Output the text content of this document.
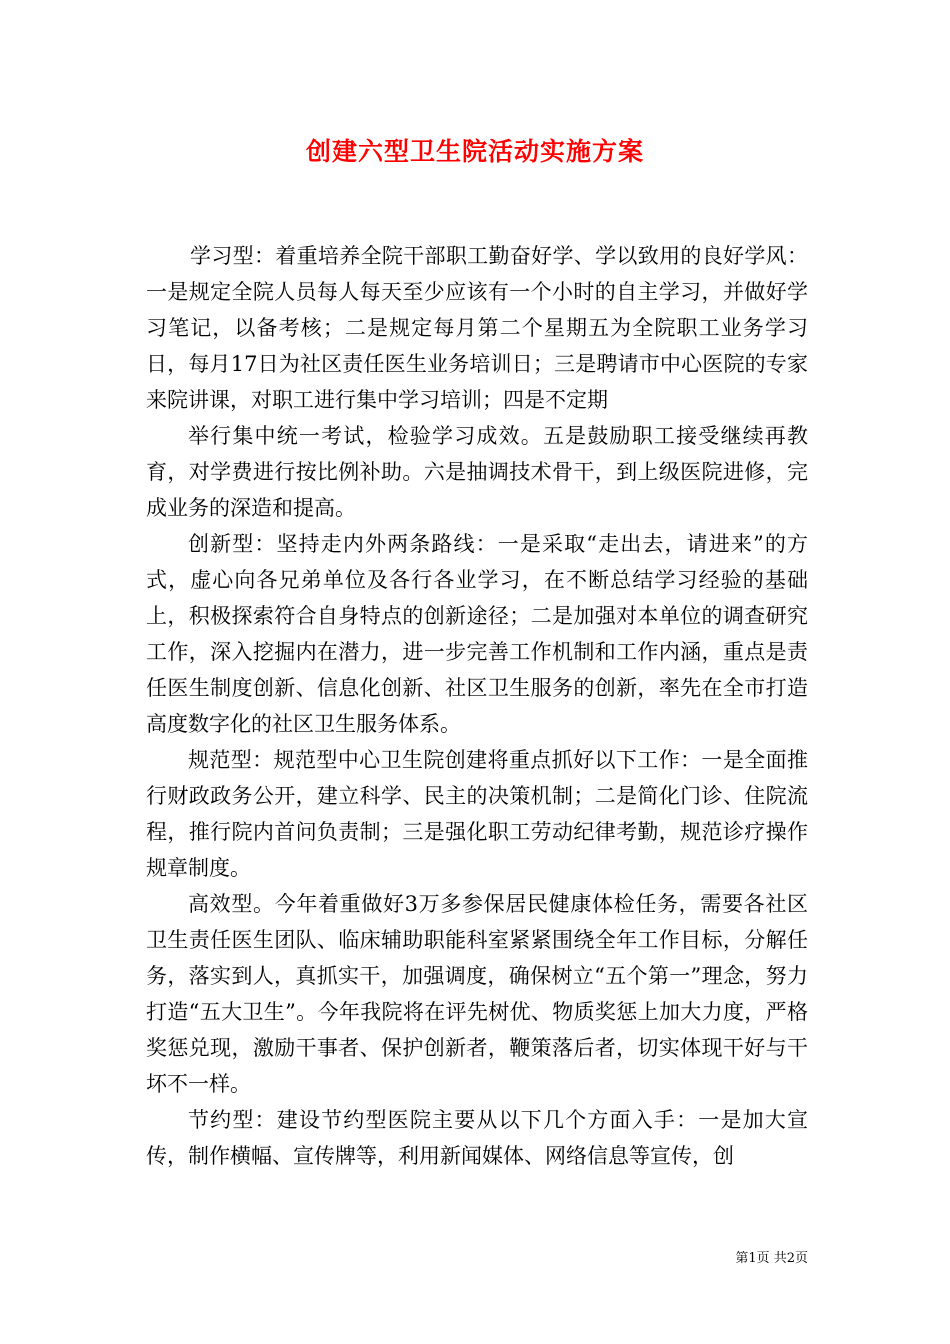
创建六型卫生院活动实施方案

学习型：着重培养全院干部职工勤奋好学、学以致用的良好学风：一是规定全院人员每人每天至少应该有一个小时的自主学习，并做好学习笔记，以备考核；二是规定每月第二个星期五为全院职工业务学习日，每月17日为社区责任医生业务培训日；三是聘请市中心医院的专家来院讲课，对职工进行集中学习培训；四是不定期

举行集中统一考试，检验学习成效。五是鼓励职工接受继续再教育，对学费进行按比例补助。六是抽调技术骨干，到上级医院进修，完成业务的深造和提高。

创新型：坚持走内外两条路线：一是采取“走出去，请进来”的方式，虚心向各兄弟单位及各行各业学习，在不断总结学习经验的基础上，积极探索符合自身特点的创新途径；二是加强对本单位的调查研究工作，深入挖掘内在潜力，进一步完善工作机制和工作内涵，重点是责任医生制度创新、信息化创新、社区卫生服务的创新，率先在全市打造高度数字化的社区卫生服务体系。

规范型：规范型中心卫生院创建将重点抓好以下工作：一是全面推行财政政务公开，建立科学、民主的决策机制；二是简化门诊、住院流程，推行院内首问负责制；三是强化职工劳动纪律考勤，规范诊疗操作规章制度。

高效型。今年着重做好3万多参保居民健康体检任务，需要各社区卫生责任医生团队、临床辅助职能科室紧紧围绕全年工作目标，分解任务，落实到人，真抓实干，加强调度，确保树立“五个第一”理念，努力打造“五大卫生”。今年我院将在评先树优、物质奖惩上加大力度，严格奖惩兑现，激励干事者、保护创新者，鞭策落后者，切实体现干好与干坏不一样。

节约型：建设节约型医院主要从以下几个方面入手：一是加大宣传，制作横幅、宣传牌等，利用新闻媒体、网络信息等宣传，创

第1页 共2页
